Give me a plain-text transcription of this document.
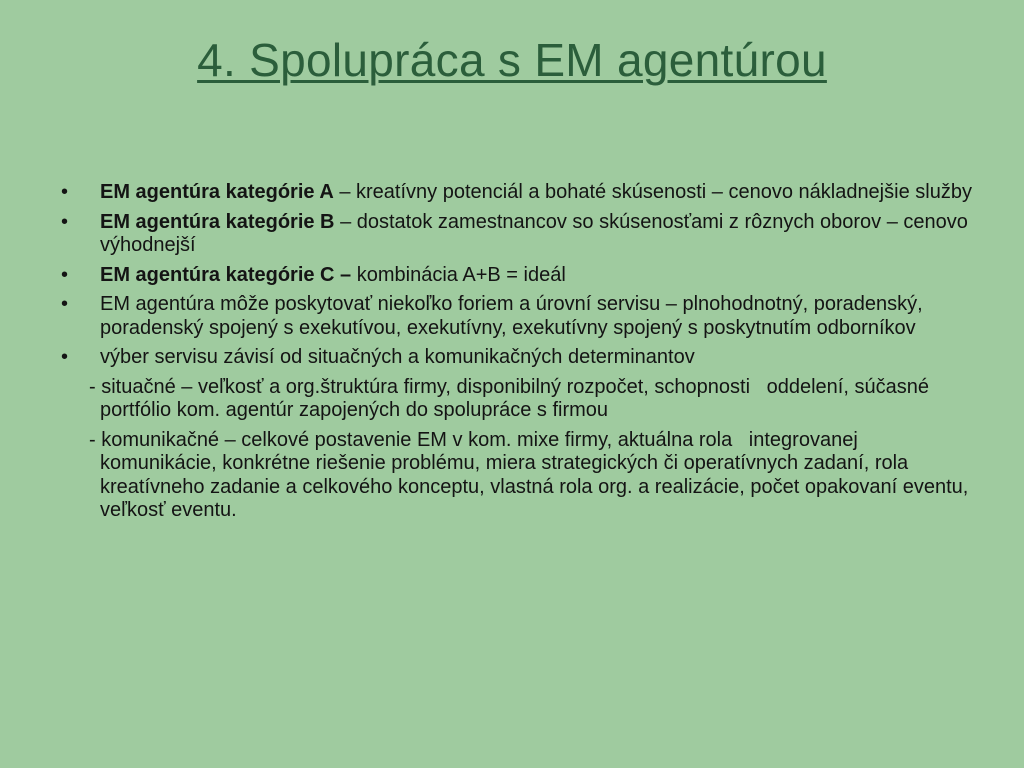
4. Spolupráca s EM agentúrou
• EM agentúra kategórie A – kreatívny potenciál a bohaté skúsenosti – cenovo nákladnejšie služby
• EM agentúra kategórie B – dostatok zamestnancov so skúsenosťami z rôznych oborov – cenovo výhodnejší
• EM agentúra kategórie C – kombinácia A+B = ideál
• EM agentúra môže poskytovať niekoľko foriem a úrovní servisu – plnohodnotný, poradenský, poradenský spojený s exekutívou, exekutívny, exekutívny spojený s poskytnutím odborníkov
• výber servisu závisí od situačných a komunikačných determinantov
- situačné – veľkosť a org.štruktúra firmy, disponibilný rozpočet, schopnosti oddelení, súčasné portfólio kom. agentúr zapojených do spolupráce s firmou
- komunikačné – celkové postavenie EM v kom. mixe firmy, aktuálna rola integrovanej komunikácie, konkrétne riešenie problému, miera strategických či operatívnych zadaní, rola kreatívneho zadanie a celkového konceptu, vlastná rola org. a realizácie, počet opakovaní eventu, veľkosť eventu.
